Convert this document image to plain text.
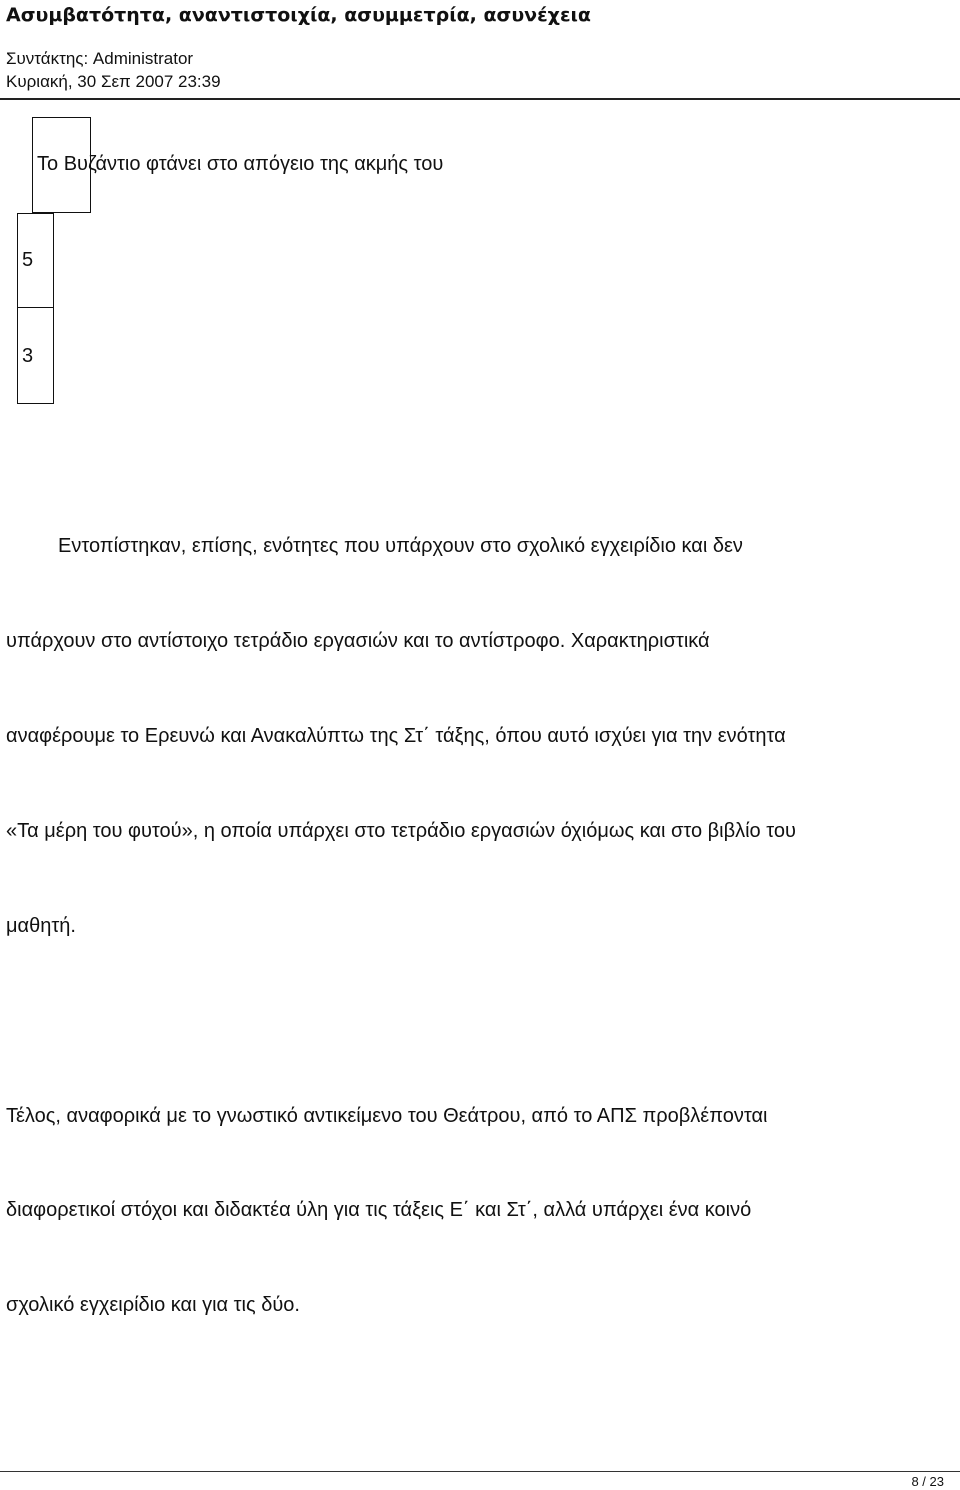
Ασυμβατότητα, αναντιστοιχία, ασυμμετρία, ασυνέχεια
Συντάκτης: Administrator
Κυριακή, 30 Σεπ 2007 23:39
Το Βυζάντιο φτάνει στο απόγειο της ακμής του
5
3
Εντοπίστηκαν, επίσης, ενότητες που υπάρχουν στο σχολικό εγχειρίδιο και δεν
υπάρχουν στο αντίστοιχο τετράδιο εργασιών και το αντίστροφο. Χαρακτηριστικά
αναφέρουμε το Ερευνώ και Ανακαλύπτω της Στ΄ τάξης, όπου αυτό ισχύει για την ενότητα
«Τα μέρη του φυτού», η οποία υπάρχει στο τετράδιο εργασιών όχιόμως και στο βιβλίο του
μαθητή.
Τέλος, αναφορικά με το γνωστικό αντικείμενο του Θεάτρου, από το ΑΠΣ προβλέπονται
διαφορετικοί στόχοι και διδακτέα ύλη για τις τάξεις Ε΄ και Στ΄, αλλά υπάρχει ένα κοινό
σχολικό εγχειρίδιο και για τις δύο.
8 / 23
